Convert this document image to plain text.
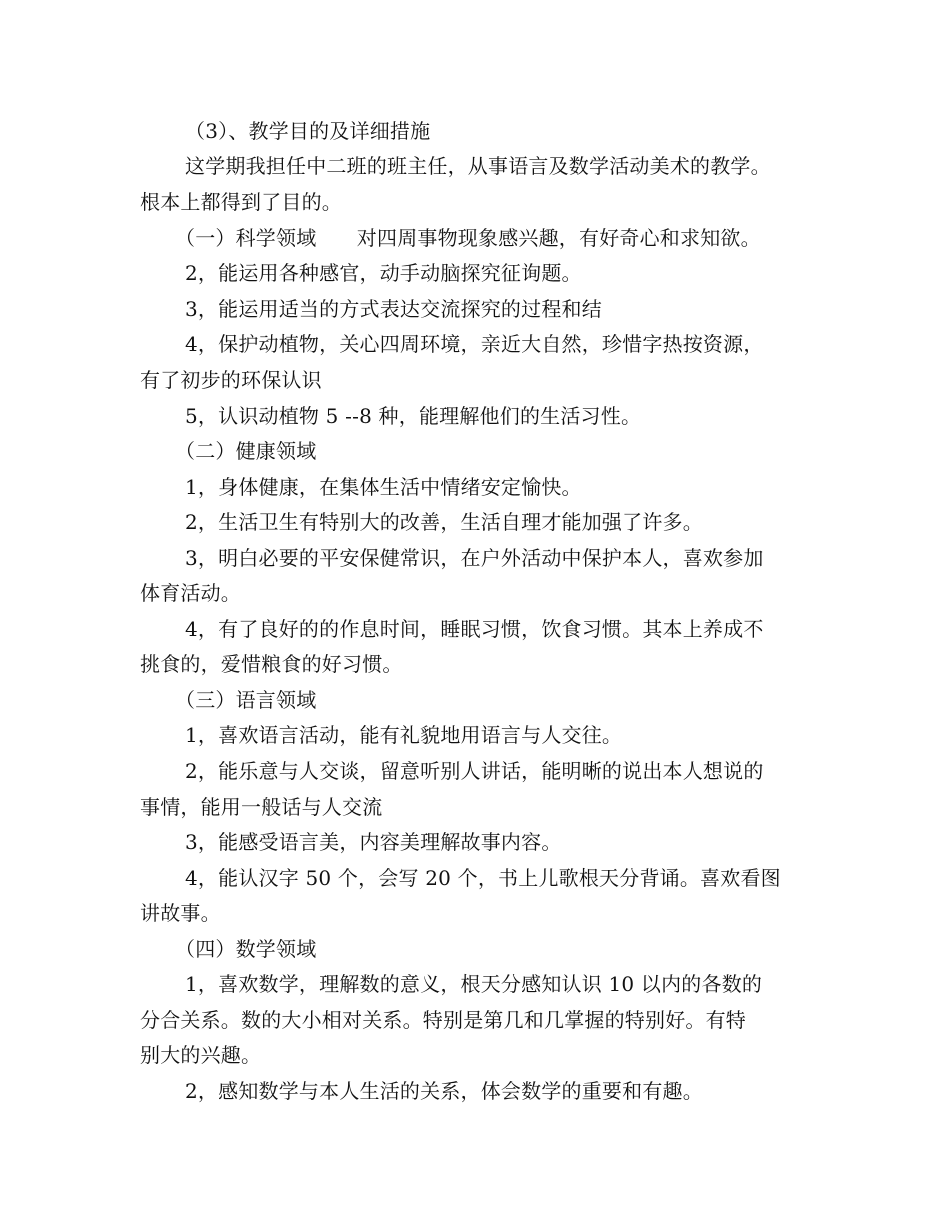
（3）、教学目的及详细措施
这学期我担任中二班的班主任，从事语言及数学活动美术的教学。
根本上都得到了目的。
（一）科学领域　　对四周事物现象感兴趣，有好奇心和求知欲。
2，能运用各种感官，动手动脑探究征询题。
3，能运用适当的方式表达交流探究的过程和结
4，保护动植物，关心四周环境，亲近大自然，珍惜字热按资源，
有了初步的环保认识
5，认识动植物 5 --8 种，能理解他们的生活习性。
（二）健康领域
1，身体健康，在集体生活中情绪安定愉快。
2，生活卫生有特别大的改善，生活自理才能加强了许多。
3，明白必要的平安保健常识，在户外活动中保护本人，喜欢参加
体育活动。
4，有了良好的的作息时间，睡眠习惯，饮食习惯。其本上养成不
挑食的，爱惜粮食的好习惯。
（三）语言领域
1，喜欢语言活动，能有礼貌地用语言与人交往。
2，能乐意与人交谈，留意听别人讲话，能明晰的说出本人想说的
事情，能用一般话与人交流
3，能感受语言美，内容美理解故事内容。
4，能认汉字 50 个，会写 20 个，书上儿歌根天分背诵。喜欢看图
讲故事。
（四）数学领域
1，喜欢数学，理解数的意义，根天分感知认识 10 以内的各数的
分合关系。数的大小相对关系。特别是第几和几掌握的特别好。有特
别大的兴趣。
2，感知数学与本人生活的关系，体会数学的重要和有趣。
